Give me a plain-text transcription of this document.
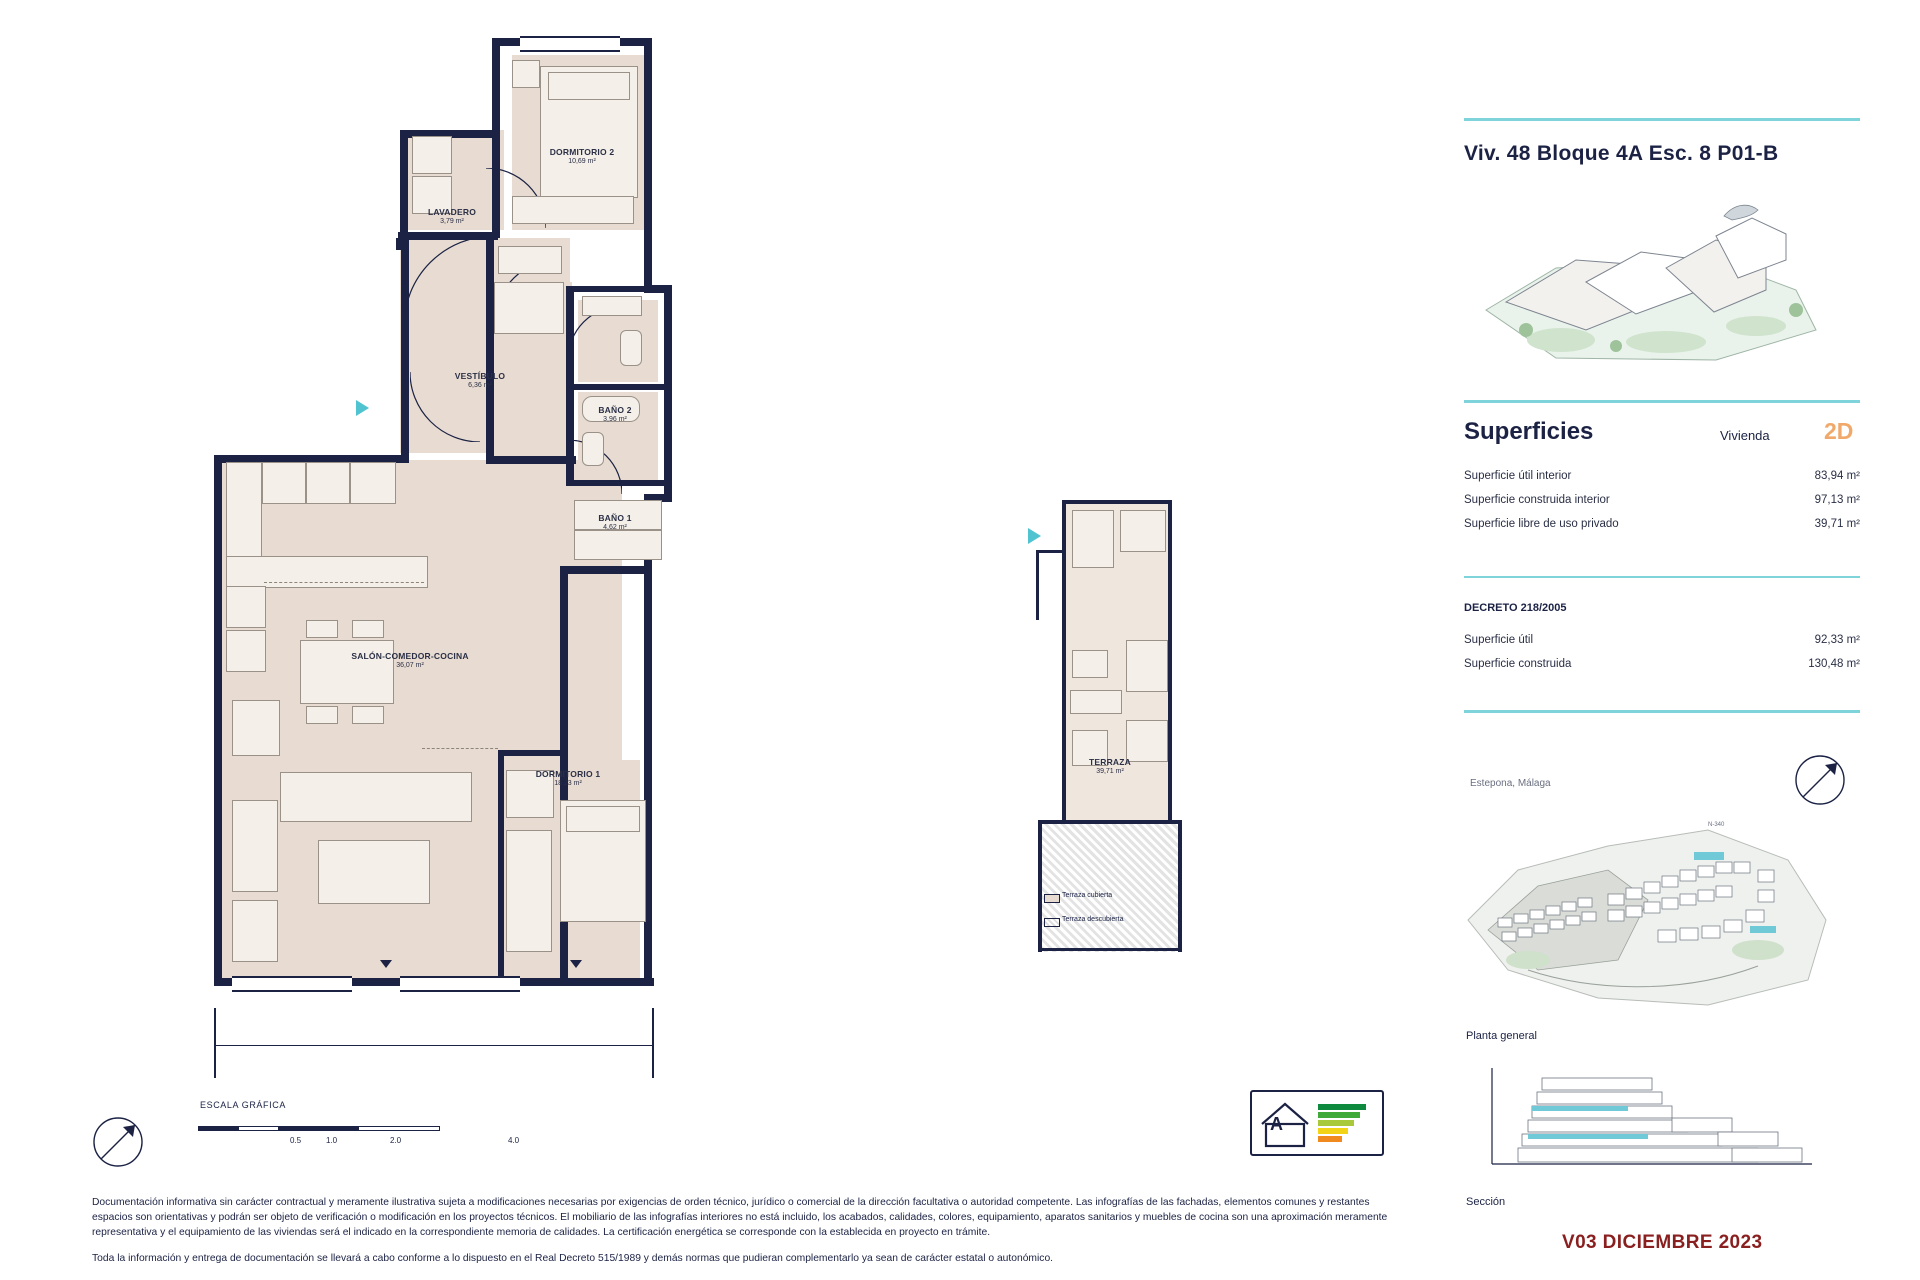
DORMITORIO 2
10,69 m²
LAVADERO
3,79 m²
VESTÍBULO
6,36 m²
BAÑO 2
3,96 m²
BAÑO 1
4,62 m²
SALÓN-COMEDOR-COCINA
36,07 m²
DORMITORIO 1
18,23 m²
TERRAZA
39,71 m²
Terraza cubierta
Terraza descubierta
ESCALA GRÁFICA
0.5	1.0	2.0	4.0
A
Viv. 48 Bloque 4A Esc. 8 P01-B
Superficies	Vivienda 2D
Superficie útil interior	83,94 m²
Superficie construida interior	97,13 m²
Superficie libre de uso privado	39,71 m²
DECRETO 218/2005
Superficie útil	92,33 m²
Superficie construida	130,48 m²
Estepona, Málaga
N-340
Planta general
Sección
V03 DICIEMBRE 2023
Documentación informativa sin carácter contractual y meramente ilustrativa sujeta a modificaciones necesarias por exigencias de orden técnico, jurídico o comercial de la dirección facultativa o autoridad competente. Las infografías de las fachadas, elementos comunes y restantes espacios son orientativas y podrán ser objeto de verificación o modificación en los proyectos técnicos. El mobiliario de las infografías interiores no está incluido, los acabados, calidades, colores, equipamiento, aparatos sanitarios y muebles de cocina son una aproximación meramente representativa y el equipamiento de las viviendas será el indicado en la correspondiente memoria de calidades. La certificación energética se corresponde con la establecida en proyecto en trámite.
Toda la información y entrega de documentación se llevará a cabo conforme a lo dispuesto en el Real Decreto 515/1989 y demás normas que pudieran complementarlo ya sean de carácter estatal o autonómico.
